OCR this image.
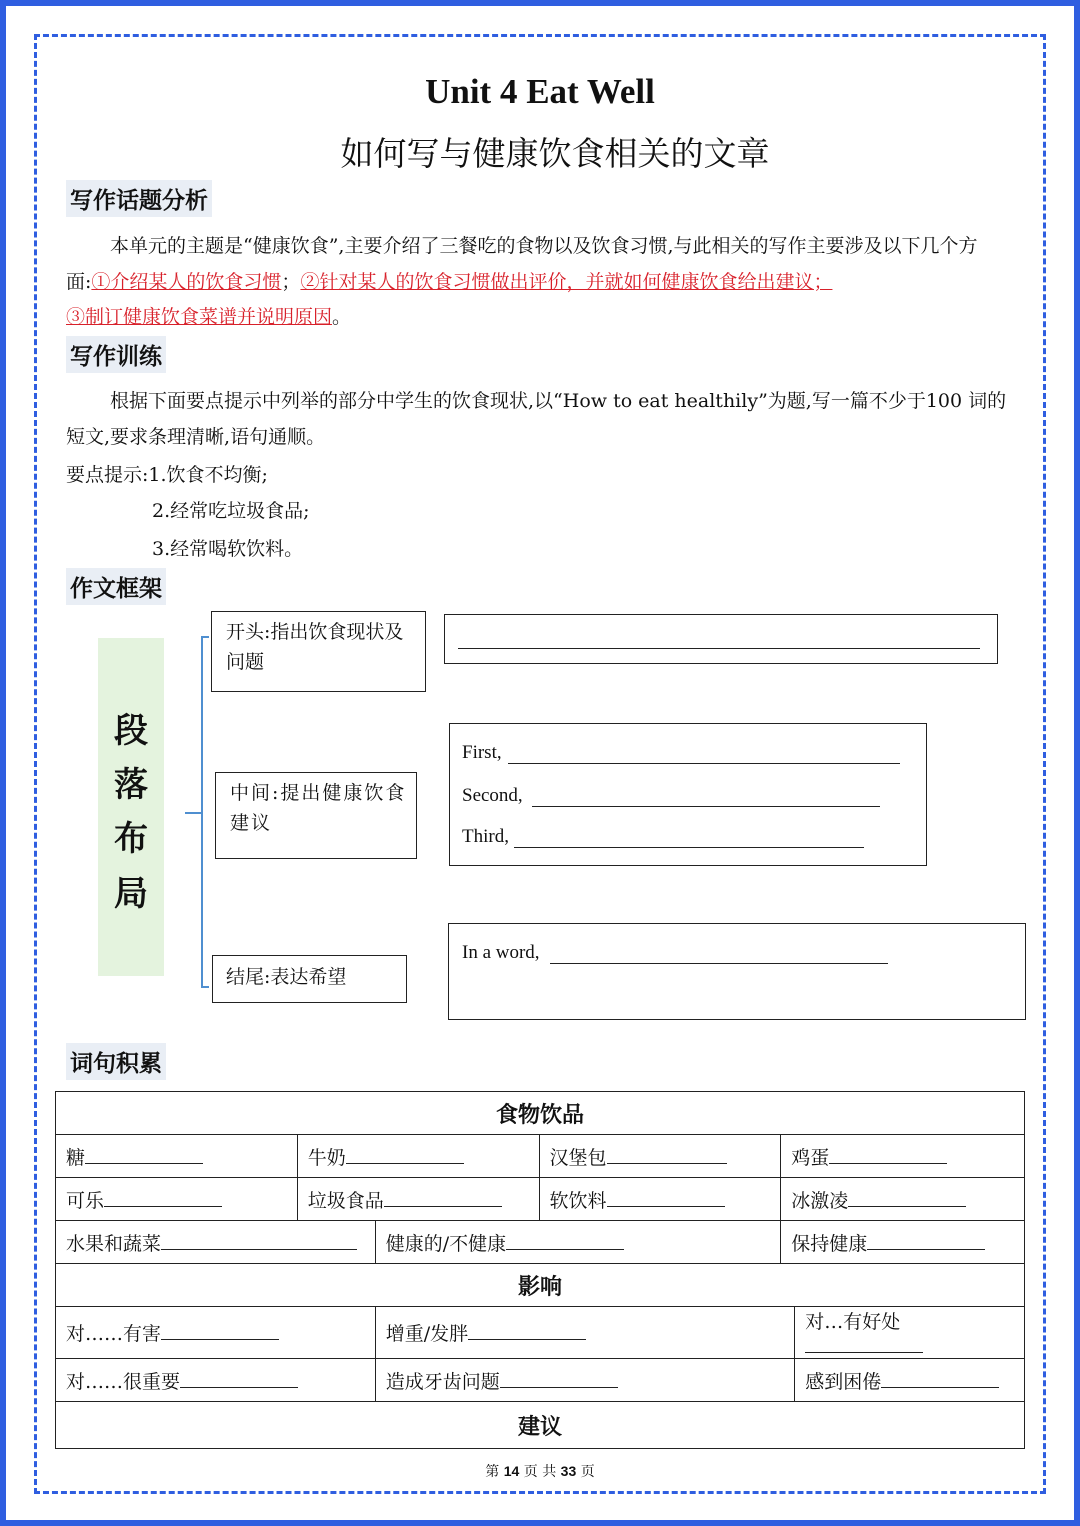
Unit 4 Eat Well
如何写与健康饮食相关的文章
写作话题分析
本单元的主题是“健康饮食”,主要介绍了三餐吃的食物以及饮食习惯,与此相关的写作主要涉及以下几个方面:①介绍某人的饮食习惯；②针对某人的饮食习惯做出评价，并就如何健康饮食给出建议；
③制订健康饮食菜谱并说明原因。
写作训练
根据下面要点提示中列举的部分中学生的饮食现状,以“How to eat healthily”为题,写一篇不少于100 词的短文,要求条理清晰,语句通顺。
要点提示:1.饮食不均衡;
2.经常吃垃圾食品;
3.经常喝软饮料。
作文框架
段
落
布
局
开头:指出饮食现状及问题
中间:提出健康饮食建议
结尾:表达希望
First,
Second,
Third,
In a word,
词句积累
食物饮品					
糖	牛奶		汉堡包	鸡蛋	
可乐	垃圾食品		软饮料	冰激凌	
水果和蔬菜		健康的/不健康		保持健康	
影响					
对……有害		增重/发胖			对…有好处
对……很重要		造成牙齿问题			感到困倦
建议					
第 14 页 共 33 页
